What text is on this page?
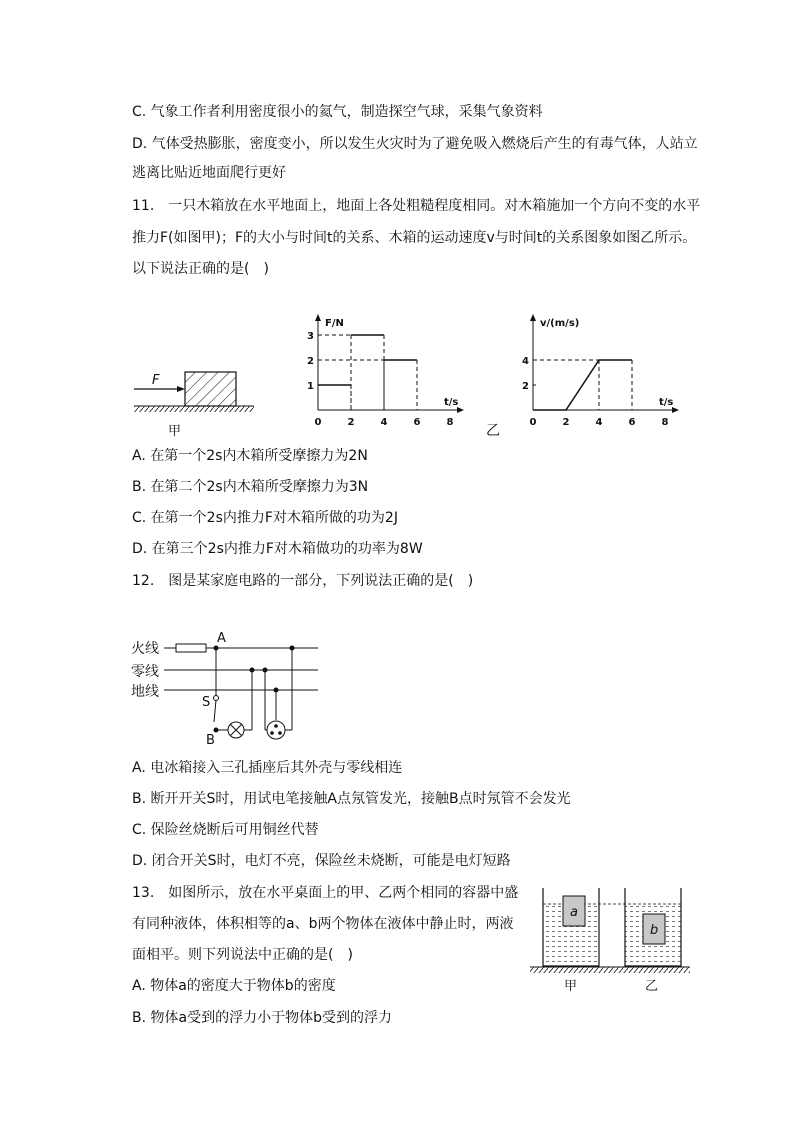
C. 气象工作者利用密度很小的氦气，制造探空气球，采集气象资料
D. 气体受热膨胀，密度变小，所以发生火灾时为了避免吸入燃烧后产生的有毒气体，人站立
逃离比贴近地面爬行更好
11.　一只木箱放在水平地面上，地面上各处粗糙程度相同。对木箱施加一个方向不变的水平
推力F(如图甲)；F的大小与时间t的关系、木箱的运动速度v与时间t的关系图象如图乙所示。
以下说法正确的是(　)
F
甲
F/N
t/s
0	2	4	6	8
1
2
3
乙
v/(m/s)
t/s
0	2	4	6	8
2
4
A. 在第一个2s内木箱所受摩擦力为2N
B. 在第二个2s内木箱所受摩擦力为3N
C. 在第一个2s内推力F对木箱所做的功为2J
D. 在第三个2s内推力F对木箱做功的功率为8W
12.　图是某家庭电路的一部分，下列说法正确的是(　)
火线
零线
地线
A
S
B
A. 电冰箱接入三孔插座后其外壳与零线相连
B. 断开开关S时，用试电笔接触A点氖管发光，接触B点时氖管不会发光
C. 保险丝烧断后可用铜丝代替
D. 闭合开关S时，电灯不亮，保险丝未烧断，可能是电灯短路
13.　如图所示，放在水平桌面上的甲、乙两个相同的容器中盛
有同种液体，体积相等的a、b两个物体在液体中静止时，两液
面相平。则下列说法中正确的是(　)
A. 物体a的密度大于物体b的密度
B. 物体a受到的浮力小于物体b受到的浮力
a
b
甲	乙
